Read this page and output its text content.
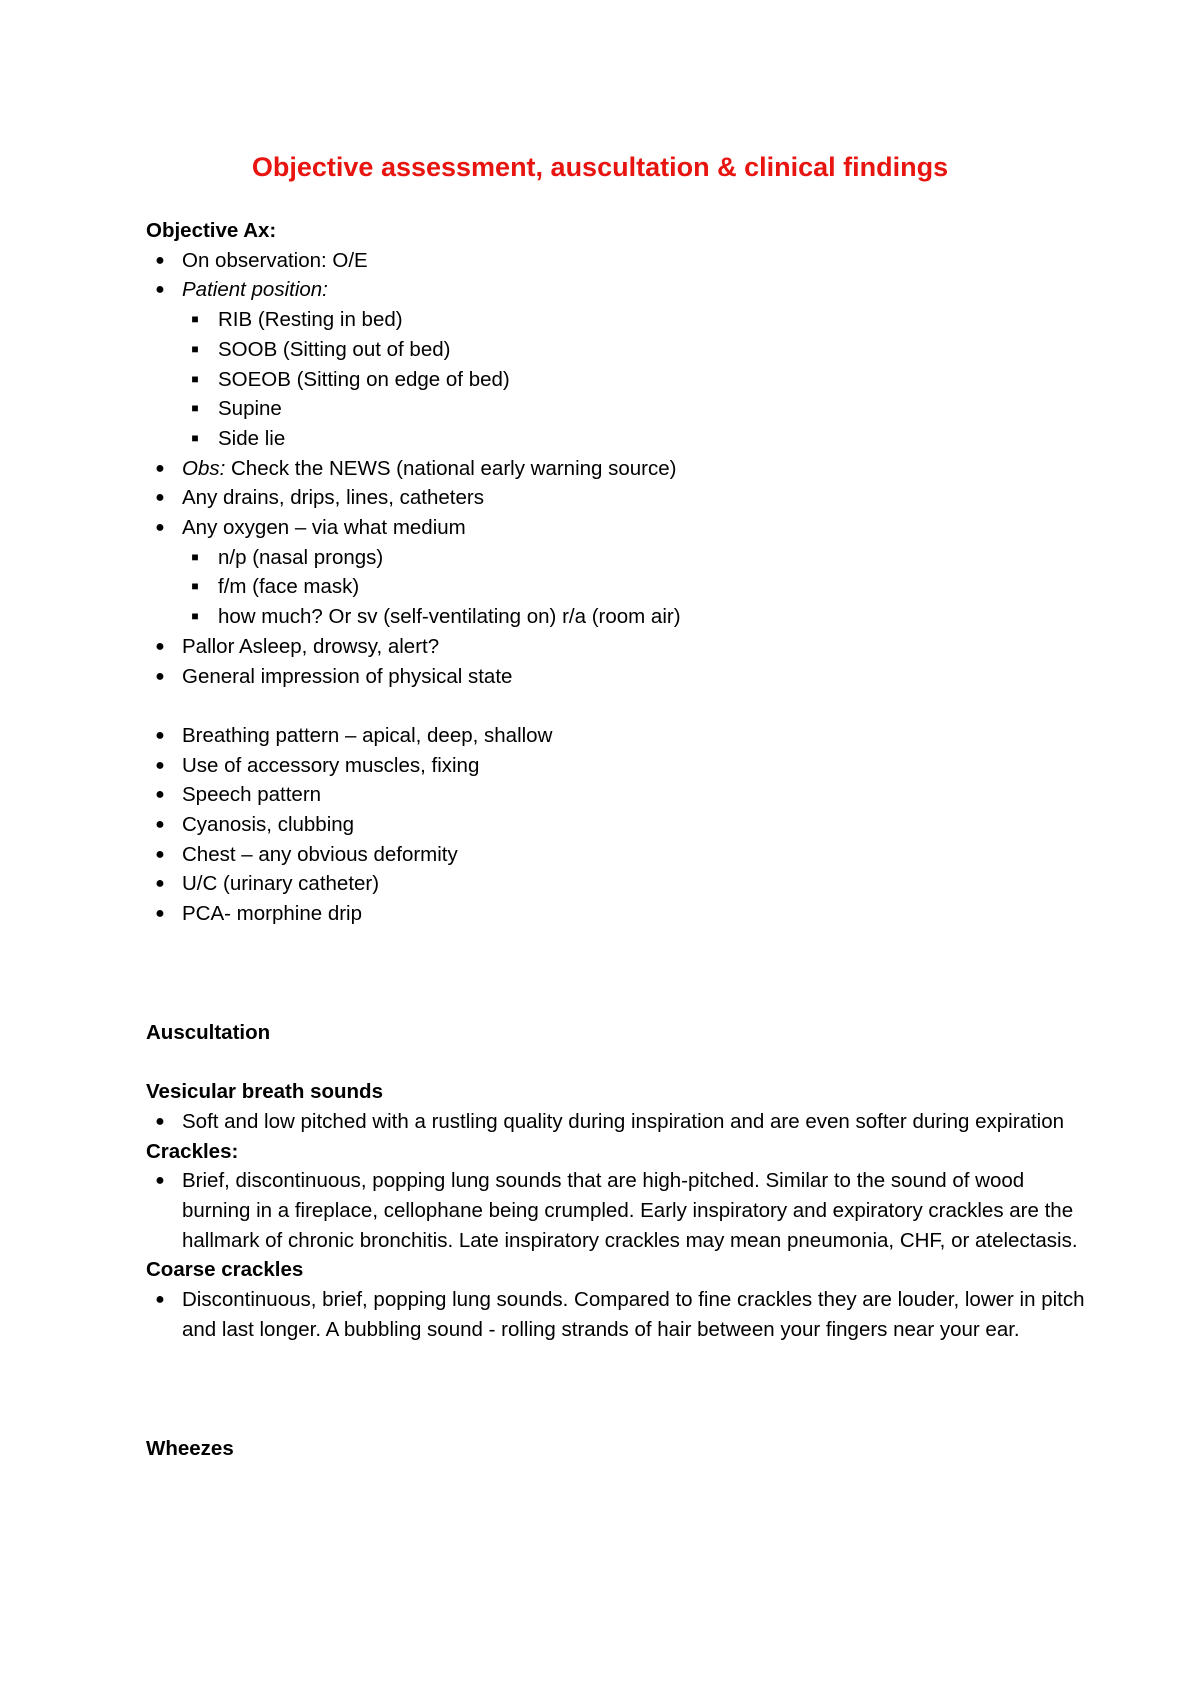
Objective assessment, auscultation & clinical findings
Objective Ax:
● On observation: O/E
● Patient position:
■ RIB (Resting in bed)
■ SOOB (Sitting out of bed)
■ SOEOB (Sitting on edge of bed)
■ Supine
■ Side lie
● Obs: Check the NEWS (national early warning source)
● Any drains, drips, lines, catheters
● Any oxygen – via what medium
■ n/p (nasal prongs)
■ f/m (face mask)
■ how much? Or sv (self-ventilating on) r/a (room air)
● Pallor Asleep, drowsy, alert?
● General impression of physical state
● Breathing pattern – apical, deep, shallow
● Use of accessory muscles, fixing
● Speech pattern
● Cyanosis, clubbing
● Chest – any obvious deformity
● U/C (urinary catheter)
● PCA- morphine drip
Auscultation
Vesicular breath sounds
● Soft and low pitched with a rustling quality during inspiration and are even softer during expiration
Crackles:
● Brief, discontinuous, popping lung sounds that are high-pitched. Similar to the sound of wood burning in a fireplace, cellophane being crumpled. Early inspiratory and expiratory crackles are the hallmark of chronic bronchitis. Late inspiratory crackles may mean pneumonia, CHF, or atelectasis.
Coarse crackles
● Discontinuous, brief, popping lung sounds. Compared to fine crackles they are louder, lower in pitch and last longer. A bubbling sound - rolling strands of hair between your fingers near your ear.
Wheezes
